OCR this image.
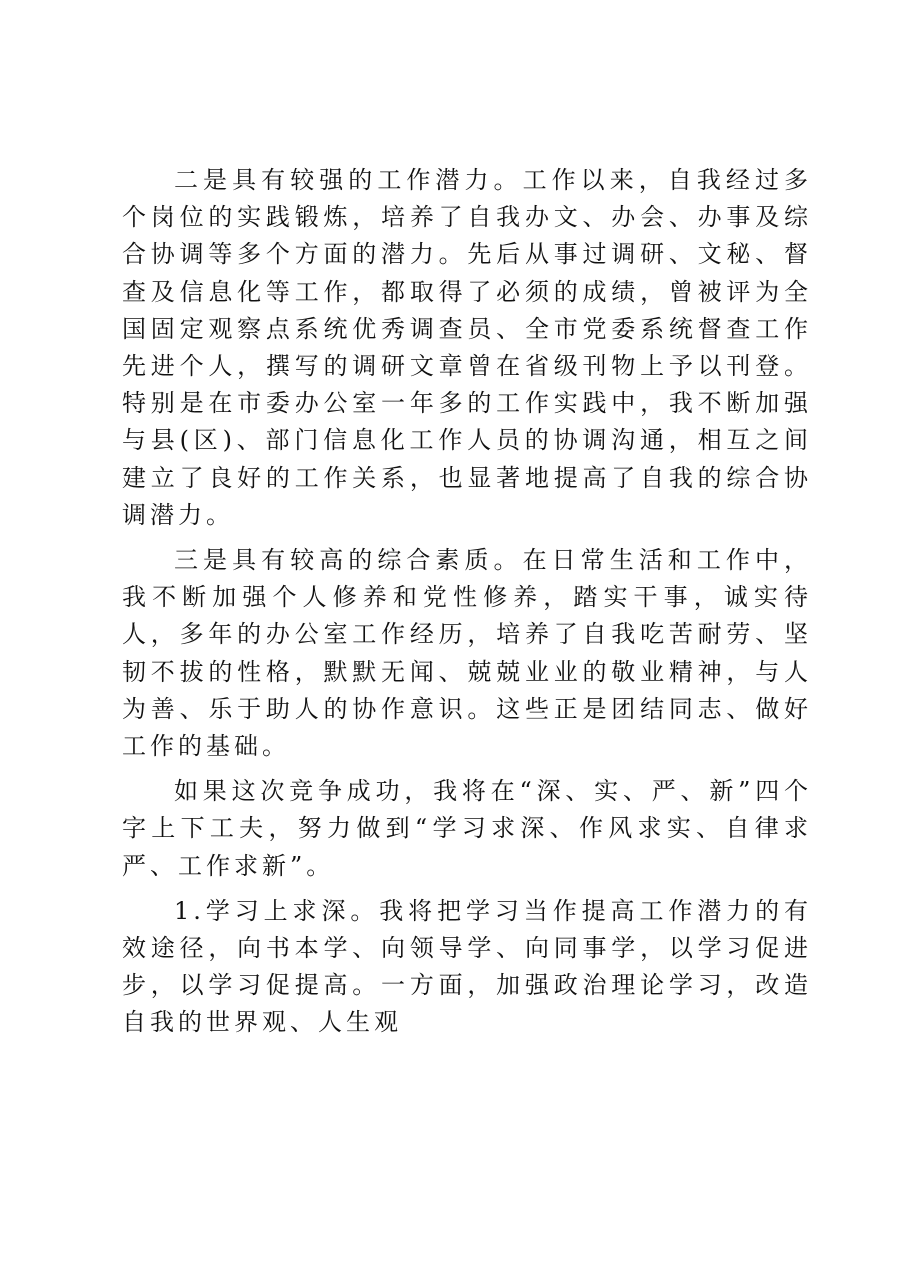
二是具有较强的工作潜力。工作以来，自我经过多个岗位的实践锻炼，培养了自我办文、办会、办事及综合协调等多个方面的潜力。先后从事过调研、文秘、督查及信息化等工作，都取得了必须的成绩，曾被评为全国固定观察点系统优秀调查员、全市党委系统督查工作先进个人，撰写的调研文章曾在省级刊物上予以刊登。特别是在市委办公室一年多的工作实践中，我不断加强与县(区)、部门信息化工作人员的协调沟通，相互之间建立了良好的工作关系，也显著地提高了自我的综合协调潜力。

三是具有较高的综合素质。在日常生活和工作中，我不断加强个人修养和党性修养，踏实干事，诚实待人，多年的办公室工作经历，培养了自我吃苦耐劳、坚韧不拔的性格，默默无闻、兢兢业业的敬业精神，与人为善、乐于助人的协作意识。这些正是团结同志、做好工作的基础。

如果这次竞争成功，我将在“深、实、严、新”四个字上下工夫，努力做到“学习求深、作风求实、自律求严、工作求新”。

1.学习上求深。我将把学习当作提高工作潜力的有效途径，向书本学、向领导学、向同事学，以学习促进步，以学习促提高。一方面，加强政治理论学习，改造自我的世界观、人生观
